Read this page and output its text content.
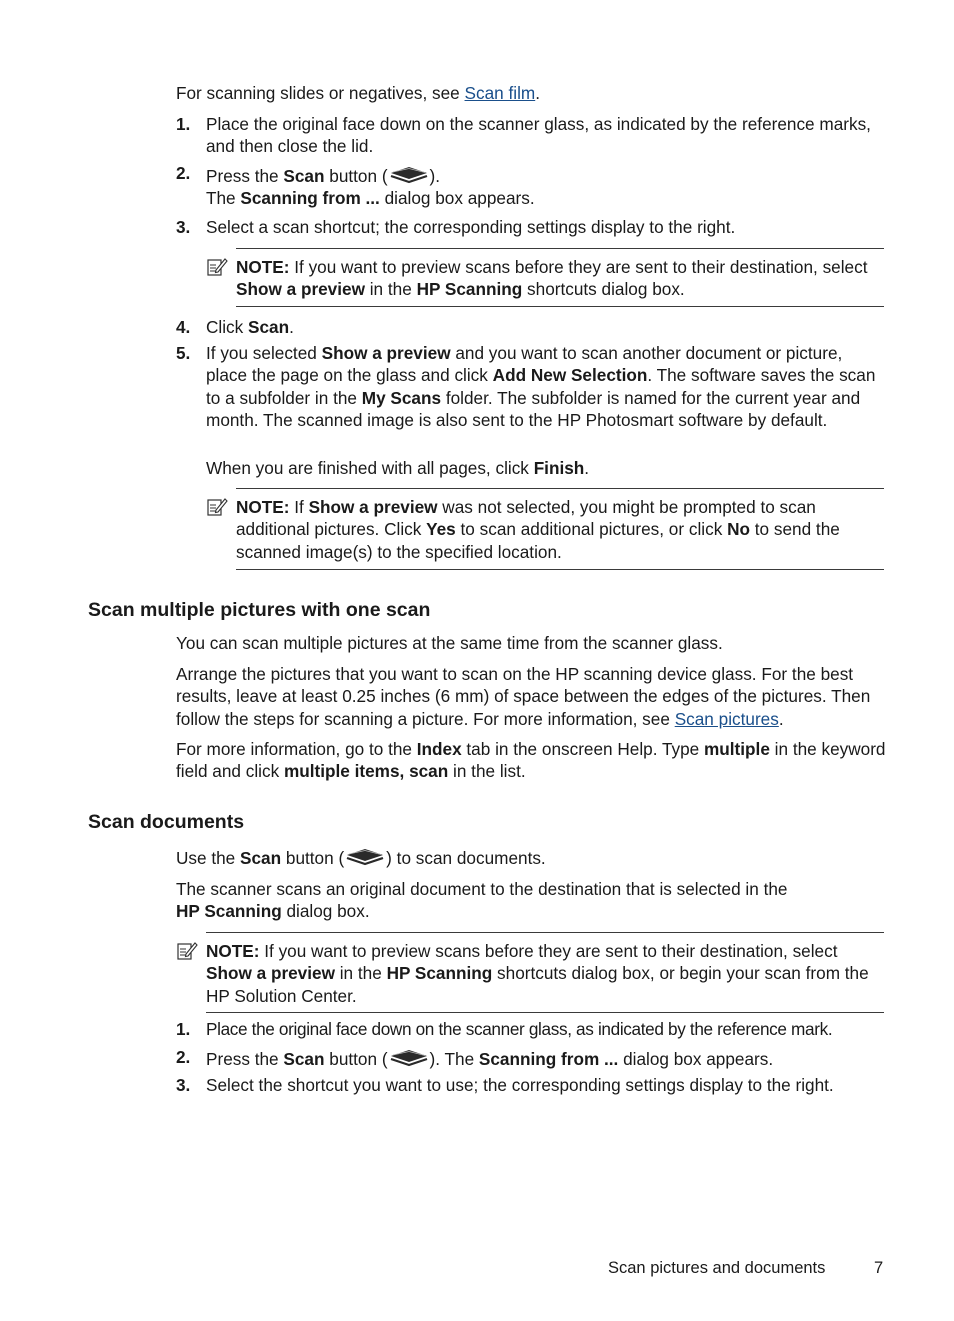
For scanning slides or negatives, see Scan film.

1. Place the original face down on the scanner glass, as indicated by the reference marks, and then close the lid.

2. Press the Scan button ( ).
The Scanning from ... dialog box appears.

3. Select a scan shortcut; the corresponding settings display to the right.

NOTE: If you want to preview scans before they are sent to their destination, select Show a preview in the HP Scanning shortcuts dialog box.

4. Click Scan.

5. If you selected Show a preview and you want to scan another document or picture, place the page on the glass and click Add New Selection. The software saves the scan to a subfolder in the My Scans folder. The subfolder is named for the current year and month. The scanned image is also sent to the HP Photosmart software by default.

When you are finished with all pages, click Finish.

NOTE: If Show a preview was not selected, you might be prompted to scan additional pictures. Click Yes to scan additional pictures, or click No to send the scanned image(s) to the specified location.

Scan multiple pictures with one scan

You can scan multiple pictures at the same time from the scanner glass.

Arrange the pictures that you want to scan on the HP scanning device glass. For the best results, leave at least 0.25 inches (6 mm) of space between the edges of the pictures. Then follow the steps for scanning a picture. For more information, see Scan pictures.

For more information, go to the Index tab in the onscreen Help. Type multiple in the keyword field and click multiple items, scan in the list.

Scan documents

Use the Scan button ( ) to scan documents.

The scanner scans an original document to the destination that is selected in the
HP Scanning dialog box.

NOTE: If you want to preview scans before they are sent to their destination, select Show a preview in the HP Scanning shortcuts dialog box, or begin your scan from the HP Solution Center.

1. Place the original face down on the scanner glass, as indicated by the reference mark.

2. Press the Scan button ( ). The Scanning from ... dialog box appears.

3. Select the shortcut you want to use; the corresponding settings display to the right.

Scan pictures and documents	7
